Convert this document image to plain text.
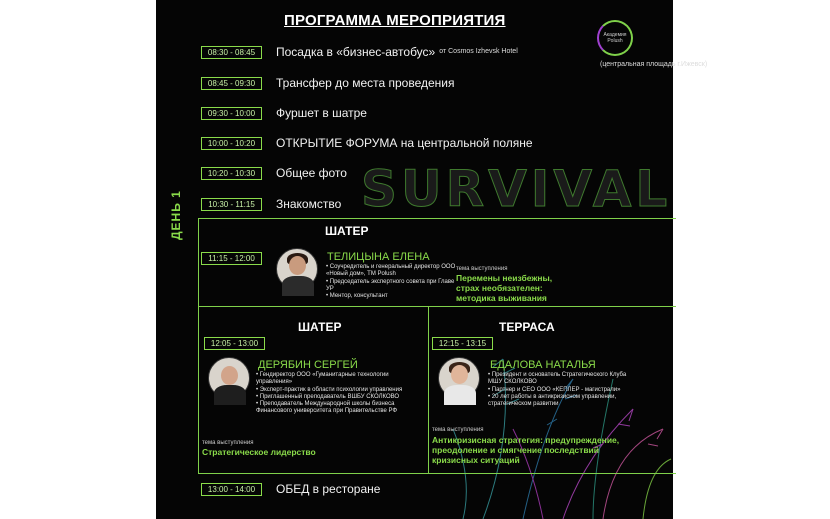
ПРОГРАММА МЕРОПРИЯТИЯ
Академия
Polush
08:30 - 08:45	Посадка в «бизнес-автобус» от Cosmos Izhevsk Hotel
(центральная площадь г.Ижевск)
08:45 - 09:30	Трансфер до места проведения
09:30 - 10:00	Фуршет в шатре
10:00 - 10:20	ОТКРЫТИЕ ФОРУМА на центральной поляне
10:20 - 10:30	Общее фото SURVIVAL
10:30 - 11:15	Знакомство
ДЕНЬ 1	ШАТЕР
11:15 - 12:00	ТЕЛИЦЫНА ЕЛЕНА
• Соучредитель и генеральный директор ООО «Новый дом», ТМ Polush
• Председатель экспертного совета при Главе УР
• Ментор, консультант
тема выступления
Перемены неизбежны, страх необязателен: методика выживания
ШАТЕР
12:05 - 13:00
ДЕРЯБИН СЕРГЕЙ
• Гендиректор ООО «Гуманитарные технологии управления»
• Эксперт-практик в области психологии управления
• Приглашенный преподаватель ВШБУ СКОЛКОВО
• Преподаватель Международной школы бизнеса Финансового университета при Правительстве РФ
тема выступления
Стратегическое лидерство
ТЕРРАСА
12:15 - 13:15
ЕДАЛОВА НАТАЛЬЯ
• Президент и основатель Стратегического Клуба МШУ СКОЛКОВО
• Партнер и CEO ООО «КЕПЛЕР - магистрали»
• 20 лет работы в антикризисном управлении, стратегическом развитии
тема выступления
Антикризисная стратегия: предупреждение, преодоление и смягчение последствий кризисных ситуаций
13:00 - 14:00	ОБЕД в ресторане
